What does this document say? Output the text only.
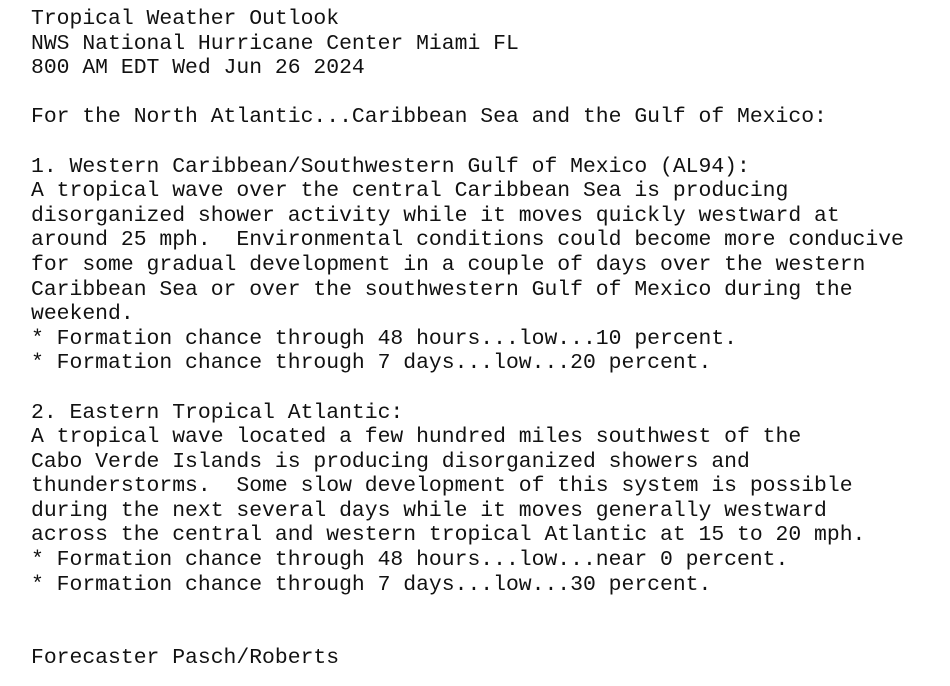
Tropical Weather Outlook
NWS National Hurricane Center Miami FL
800 AM EDT Wed Jun 26 2024
For the North Atlantic...Caribbean Sea and the Gulf of Mexico:
1. Western Caribbean/Southwestern Gulf of Mexico (AL94):
A tropical wave over the central Caribbean Sea is producing
disorganized shower activity while it moves quickly westward at
around 25 mph.  Environmental conditions could become more conducive
for some gradual development in a couple of days over the western
Caribbean Sea or over the southwestern Gulf of Mexico during the
weekend.
* Formation chance through 48 hours...low...10 percent.
* Formation chance through 7 days...low...20 percent.
2. Eastern Tropical Atlantic:
A tropical wave located a few hundred miles southwest of the
Cabo Verde Islands is producing disorganized showers and
thunderstorms.  Some slow development of this system is possible
during the next several days while it moves generally westward
across the central and western tropical Atlantic at 15 to 20 mph.
* Formation chance through 48 hours...low...near 0 percent.
* Formation chance through 7 days...low...30 percent.
Forecaster Pasch/Roberts
